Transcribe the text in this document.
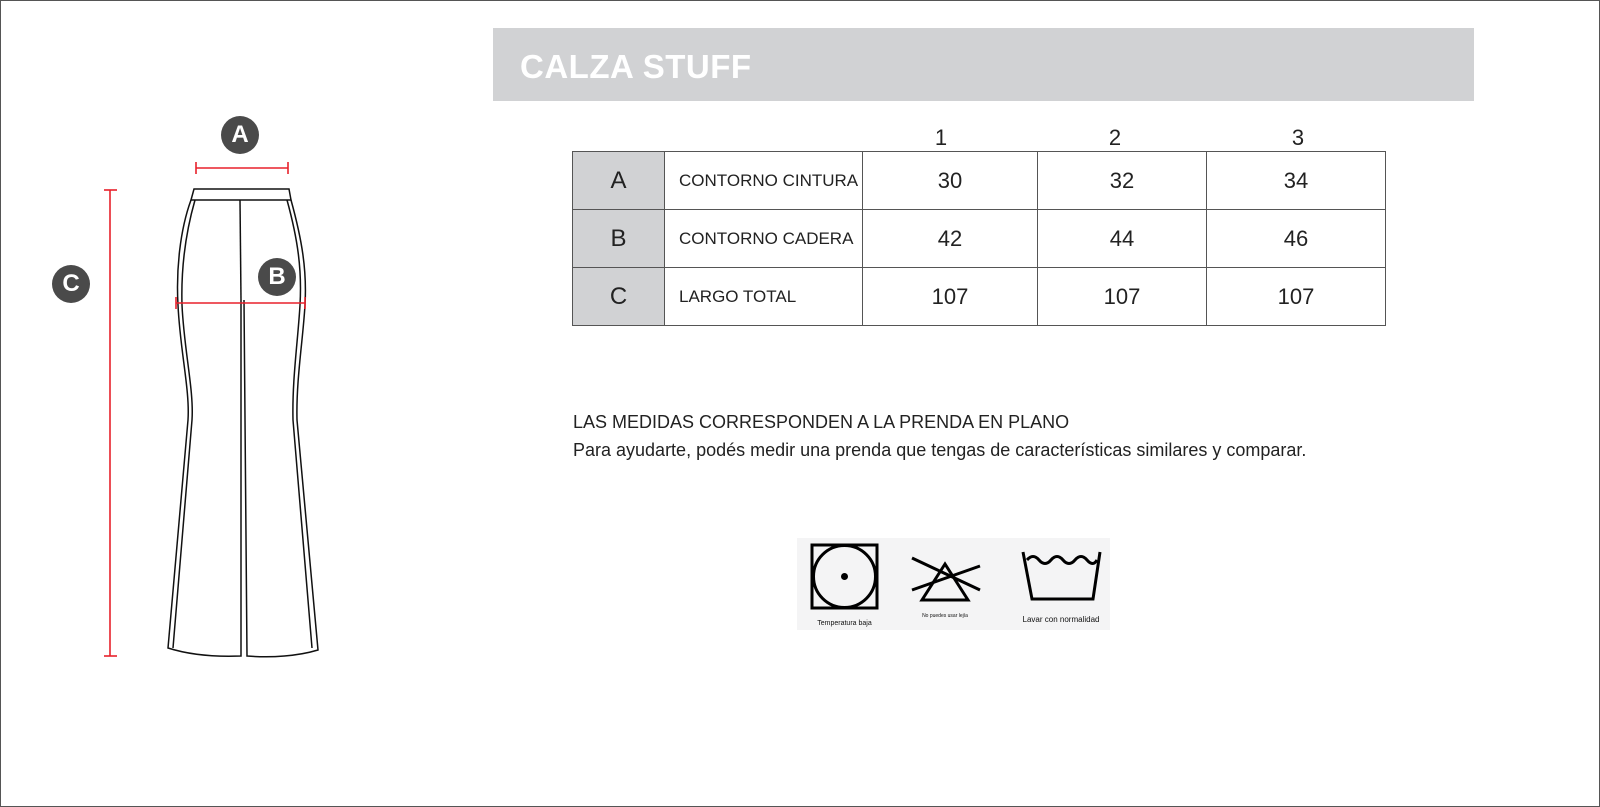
CALZA STUFF
A
B
C
1	2	3
A	CONTORNO CINTURA	30	32	34
B	CONTORNO CADERA	42	44	46
C	LARGO TOTAL	107	107	107
LAS MEDIDAS CORRESPONDEN A LA PRENDA EN PLANO
Para ayudarte, podés medir una prenda que tengas de características similares y comparar.
Temperatura baja
No puedes usar lejía	Lavar con normalidad
